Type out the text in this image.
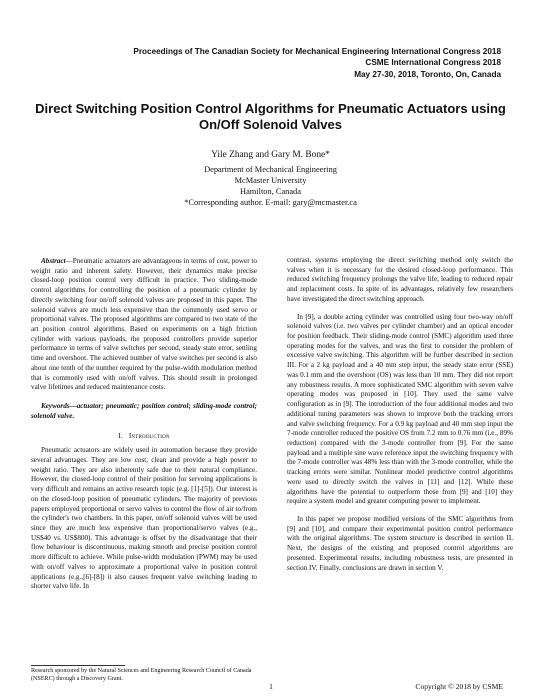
Proceedings of The Canadian Society for Mechanical Engineering International Congress 2018
CSME International Congress 2018
May 27-30, 2018, Toronto, On, Canada
Direct Switching Position Control Algorithms for Pneumatic Actuators using On/Off Solenoid Valves
Yile Zhang and Gary M. Bone*
Department of Mechanical Engineering
McMaster University
Hamilton, Canada
*Corresponding author. E-mail: gary@mcmaster.ca

Abstract—Pneumatic actuators are advantageous in terms of cost, power to weight ratio and inherent safety. However, their dynamics make precise closed-loop position control very difficult in practice. Two sliding-mode control algorithms for controlling the position of a pneumatic cylinder by directly switching four on/off solenoid valves are proposed in this paper. The solenoid valves are much less expensive than the commonly used servo or proportional valves. The proposed algorithms are compared to two state of the art position control algorithms. Based on experiments on a high friction cylinder with various payloads, the proposed controllers provide superior performance in terms of valve switches per second, steady state error, settling time and overshoot. The achieved number of valve switches per second is also about one tenth of the number required by the pulse-width modulation method that is commonly used with on/off valves. This should result in prolonged valve lifetimes and reduced maintenance costs.

Keywords—actuator; pneumatic; position control; sliding-mode control; solenoid valve.

I. Introduction

Pneumatic actuators are widely used in automation because they provide several advantages. They are low cost, clean and provide a high power to weight ratio. They are also inherently safe due to their natural compliance. However, the closed-loop control of their position for servoing applications is very difficult and remains an active research topic (e.g. [1]-[5]). Our interest is on the closed-loop position of pneumatic cylinders. The majority of previous papers employed proportional or servo valves to control the flow of air to/from the cylinder's two chambers. In this paper, on/off solenoid valves will be used since they are much less expensive than proportional/servo valves (e.g., US$40 vs. US$800). This advantage is offset by the disadvantage that their flow behaviour is discontinuous, making smooth and precise position control more difficult to achieve. While pulse-width modulation (PWM) may be used with on/off valves to approximate a proportional valve in position control applications (e.g.,[6]-[8]) it also causes frequent valve switching leading to shorter valve life. In

contrast, systems employing the direct switching method only switch the valves when it is necessary for the desired closed-loop performance. This reduced switching frequency prolongs the valve life, leading to reduced repair and replacement costs. In spite of its advantages, relatively few researchers have investigated the direct switching approach.

In [9], a double acting cylinder was controlled using four two-way on/off solenoid valves (i.e. two valves per cylinder chamber) and an optical encoder for position feedback. Their sliding-mode control (SMC) algorithm used three operating modes for the valves, and was the first to consider the problem of excessive valve switching. This algorithm will be further described in section III. For a 2 kg payload and a 40 mm step input, the steady state error (SSE) was 0.1 mm and the overshoot (OS) was less than 10 mm. They did not report any robustness results. A more sophisticated SMC algorithm with seven valve operating modes was proposed in [10]. They used the same valve configuration as in [9]. The introduction of the four additional modes and two additional tuning parameters was shown to improve both the tracking errors and valve switching frequency. For a 0.9 kg payload and 40 mm step input the 7-mode controller reduced the positive OS from 7.2 mm to 0.76 mm (i.e., 89% reduction) compared with the 3-mode controller from [9]. For the same payload and a multiple sine wave reference input the switching frequency with the 7-mode controller was 48% less than with the 3-mode controller, while the tracking errors were similar. Nonlinear model predictive control algorithms were used to directly switch the valves in [11] and [12]. While these algorithms have the potential to outperform those from [9] and [10] they require a system model and greater computing power to implement.

In this paper we propose modified versions of the SMC algorithms from [9] and [10], and compare their experimental position control performance with the original algorithms. The system structure is described in section II. Next, the designs of the existing and proposed control algorithms are presented. Experimental results, including robustness tests, are presented in section IV. Finally, conclusions are drawn in section V.

Research sponsored by the Natural Sciences and Engineering Research Council of Canada (NSERC) through a Discovery Grant.
1	Copyright © 2018 by CSME
